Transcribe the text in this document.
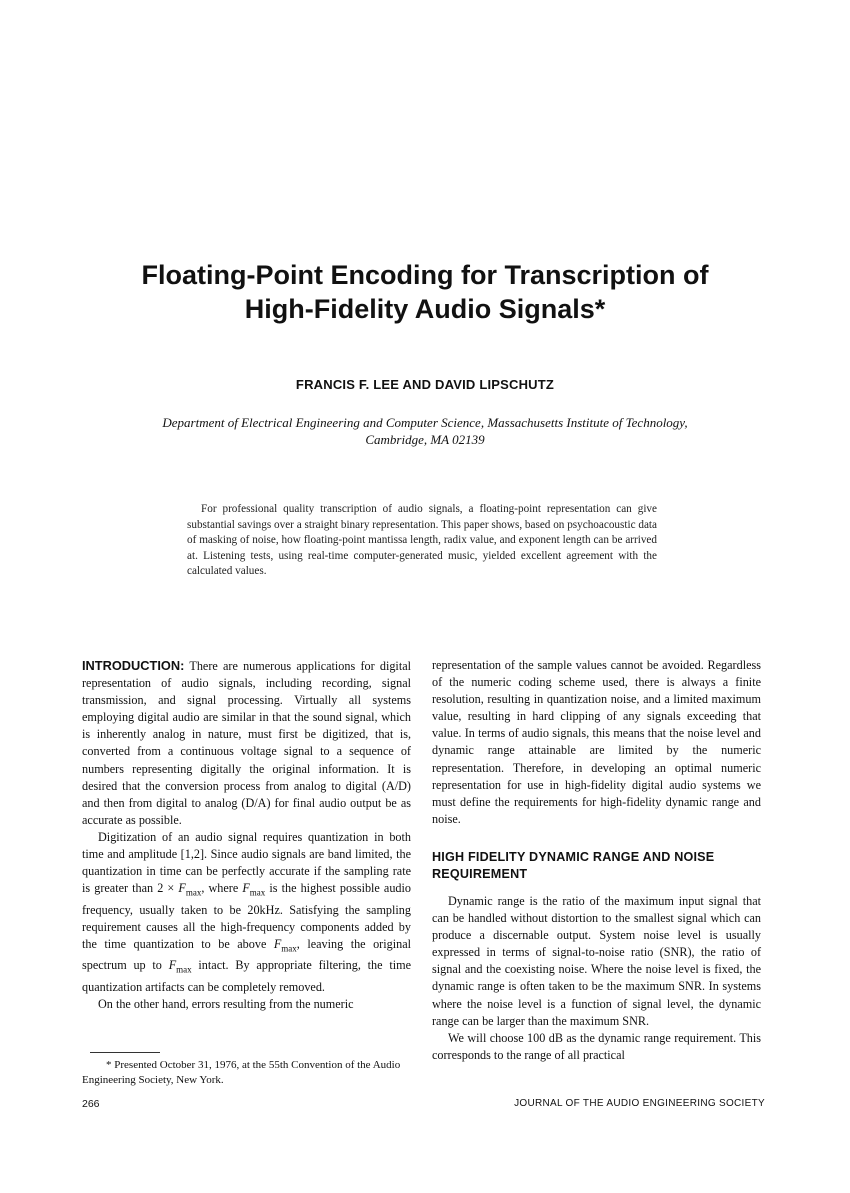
Floating-Point Encoding for Transcription of
High-Fidelity Audio Signals*
FRANCIS F. LEE AND DAVID LIPSCHUTZ
Department of Electrical Engineering and Computer Science, Massachusetts Institute of Technology,
Cambridge, MA 02139
For professional quality transcription of audio signals, a floating-point representation can give substantial savings over a straight binary representation. This paper shows, based on psychoacoustic data of masking of noise, how floating-point mantissa length, radix value, and exponent length can be arrived at. Listening tests, using real-time computer-generated music, yielded excellent agreement with the calculated values.

INTRODUCTION: There are numerous applications for digital representation of audio signals, including recording, signal transmission, and signal processing. Virtually all systems employing digital audio are similar in that the sound signal, which is inherently analog in nature, must first be digitized, that is, converted from a continuous voltage signal to a sequence of numbers representing digitally the original information. It is desired that the conversion process from analog to digital (A/D) and then from digital to analog (D/A) for final audio output be as accurate as possible.

Digitization of an audio signal requires quantization in both time and amplitude [1,2]. Since audio signals are band limited, the quantization in time can be perfectly accurate if the sampling rate is greater than $2 \times F_{max}$, where $F_{max}$ is the highest possible audio frequency, usually taken to be 20kHz. Satisfying the sampling requirement causes all the high-frequency components added by the time quantization to be above $F_{max}$, leaving the original spectrum up to $F_{max}$ intact. By appropriate filtering, the time quantization artifacts can be completely removed.

On the other hand, errors resulting from the numeric

* Presented October 31, 1976, at the 55th Convention of the Audio Engineering Society, New York.

representation of the sample values cannot be avoided. Regardless of the numeric coding scheme used, there is always a finite resolution, resulting in quantization noise, and a limited maximum value, resulting in hard clipping of any signals exceeding that value. In terms of audio signals, this means that the noise level and dynamic range attainable are limited by the numeric representation. Therefore, in developing an optimal numeric representation for use in high-fidelity digital audio systems we must define the requirements for high-fidelity dynamic range and noise.

HIGH FIDELITY DYNAMIC RANGE AND NOISE REQUIREMENT

Dynamic range is the ratio of the maximum input signal that can be handled without distortion to the smallest signal which can produce a discernable output. System noise level is usually expressed in terms of signal-to-noise ratio (SNR), the ratio of signal and the coexisting noise. Where the noise level is fixed, the dynamic range is often taken to be the maximum SNR. In systems where the noise level is a function of signal level, the dynamic range can be larger than the maximum SNR.

We will choose 100 dB as the dynamic range requirement. This corresponds to the range of all practical

266	JOURNAL OF THE AUDIO ENGINEERING SOCIETY
